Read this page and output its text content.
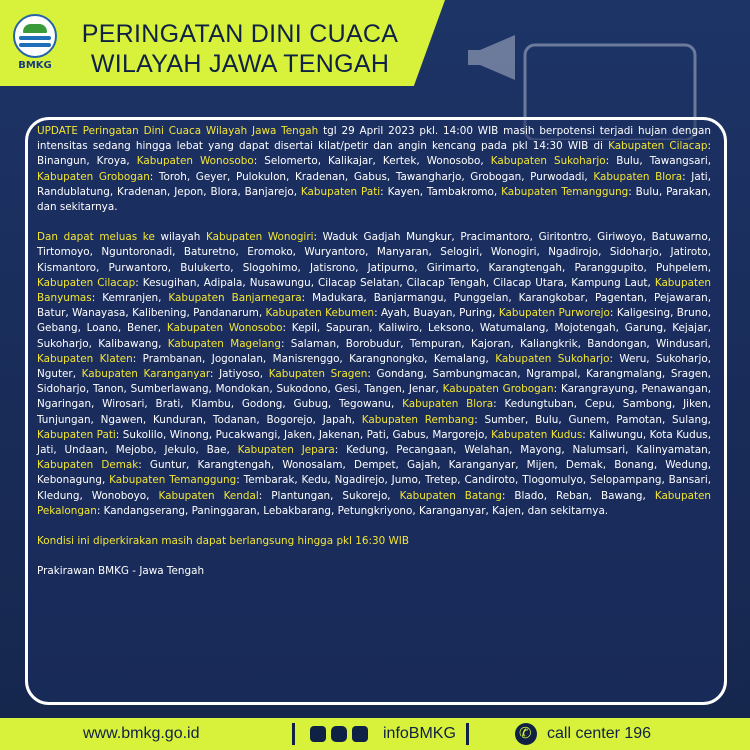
BMKG
PERINGATAN DINI CUACA
WILAYAH JAWA TENGAH

UPDATE Peringatan Dini Cuaca Wilayah Jawa Tengah tgl 29 April 2023 pkl. 14:00 WIB masih berpotensi terjadi hujan dengan intensitas sedang hingga lebat yang dapat disertai kilat/petir dan angin kencang pada pkl 14:30 WIB di Kabupaten Cilacap: Binangun, Kroya, Kabupaten Wonosobo: Selomerto, Kalikajar, Kertek, Wonosobo, Kabupaten Sukoharjo: Bulu, Tawangsari, Kabupaten Grobogan: Toroh, Geyer, Pulokulon, Kradenan, Gabus, Tawangharjo, Grobogan, Purwodadi, Kabupaten Blora: Jati, Randublatung, Kradenan, Jepon, Blora, Banjarejo, Kabupaten Pati: Kayen, Tambakromo, Kabupaten Temanggung: Bulu, Parakan, dan sekitarnya.

Dan dapat meluas ke wilayah Kabupaten Wonogiri: Waduk Gadjah Mungkur, Pracimantoro, Giritontro, Giriwoyo, Batuwarno, Tirtomoyo, Nguntoronadi, Baturetno, Eromoko, Wuryantoro, Manyaran, Selogiri, Wonogiri, Ngadirojo, Sidoharjo, Jatiroto, Kismantoro, Purwantoro, Bulukerto, Slogohimo, Jatisrono, Jatipurno, Girimarto, Karangtengah, Paranggupito, Puhpelem, Kabupaten Cilacap: Kesugihan, Adipala, Nusawungu, Cilacap Selatan, Cilacap Tengah, Cilacap Utara, Kampung Laut, Kabupaten Banyumas: Kemranjen, Kabupaten Banjarnegara: Madukara, Banjarmangu, Punggelan, Karangkobar, Pagentan, Pejawaran, Batur, Wanayasa, Kalibening, Pandanarum, Kabupaten Kebumen: Ayah, Buayan, Puring, Kabupaten Purworejo: Kaligesing, Bruno, Gebang, Loano, Bener, Kabupaten Wonosobo: Kepil, Sapuran, Kaliwiro, Leksono, Watumalang, Mojotengah, Garung, Kejajar, Sukoharjo, Kalibawang, Kabupaten Magelang: Salaman, Borobudur, Tempuran, Kajoran, Kaliangkrik, Bandongan, Windusari, Kabupaten Klaten: Prambanan, Jogonalan, Manisrenggo, Karangnongko, Kemalang, Kabupaten Sukoharjo: Weru, Sukoharjo, Nguter, Kabupaten Karanganyar: Jatiyoso, Kabupaten Sragen: Gondang, Sambungmacan, Ngrampal, Karangmalang, Sragen, Sidoharjo, Tanon, Sumberlawang, Mondokan, Sukodono, Gesi, Tangen, Jenar, Kabupaten Grobogan: Karangrayung, Penawangan, Ngaringan, Wirosari, Brati, Klambu, Godong, Gubug, Tegowanu, Kabupaten Blora: Kedungtuban, Cepu, Sambong, Jiken, Tunjungan, Ngawen, Kunduran, Todanan, Bogorejo, Japah, Kabupaten Rembang: Sumber, Bulu, Gunem, Pamotan, Sulang, Kabupaten Pati: Sukolilo, Winong, Pucakwangi, Jaken, Jakenan, Pati, Gabus, Margorejo, Kabupaten Kudus: Kaliwungu, Kota Kudus, Jati, Undaan, Mejobo, Jekulo, Bae, Kabupaten Jepara: Kedung, Pecangaan, Welahan, Mayong, Nalumsari, Kalinyamatan, Kabupaten Demak: Guntur, Karangtengah, Wonosalam, Dempet, Gajah, Karanganyar, Mijen, Demak, Bonang, Wedung, Kebonagung, Kabupaten Temanggung: Tembarak, Kedu, Ngadirejo, Jumo, Tretep, Candiroto, Tlogomulyo, Selopampang, Bansari, Kledung, Wonoboyo, Kabupaten Kendal: Plantungan, Sukorejo, Kabupaten Batang: Blado, Reban, Bawang, Kabupaten Pekalongan: Kandangserang, Paninggaran, Lebakbarang, Petungkriyono, Karanganyar, Kajen, dan sekitarnya.

Kondisi ini diperkirakan masih dapat berlangsung hingga pkl 16:30 WIB

Prakirawan BMKG - Jawa Tengah

www.bmkg.go.id	infoBMKG
✆	call center 196
